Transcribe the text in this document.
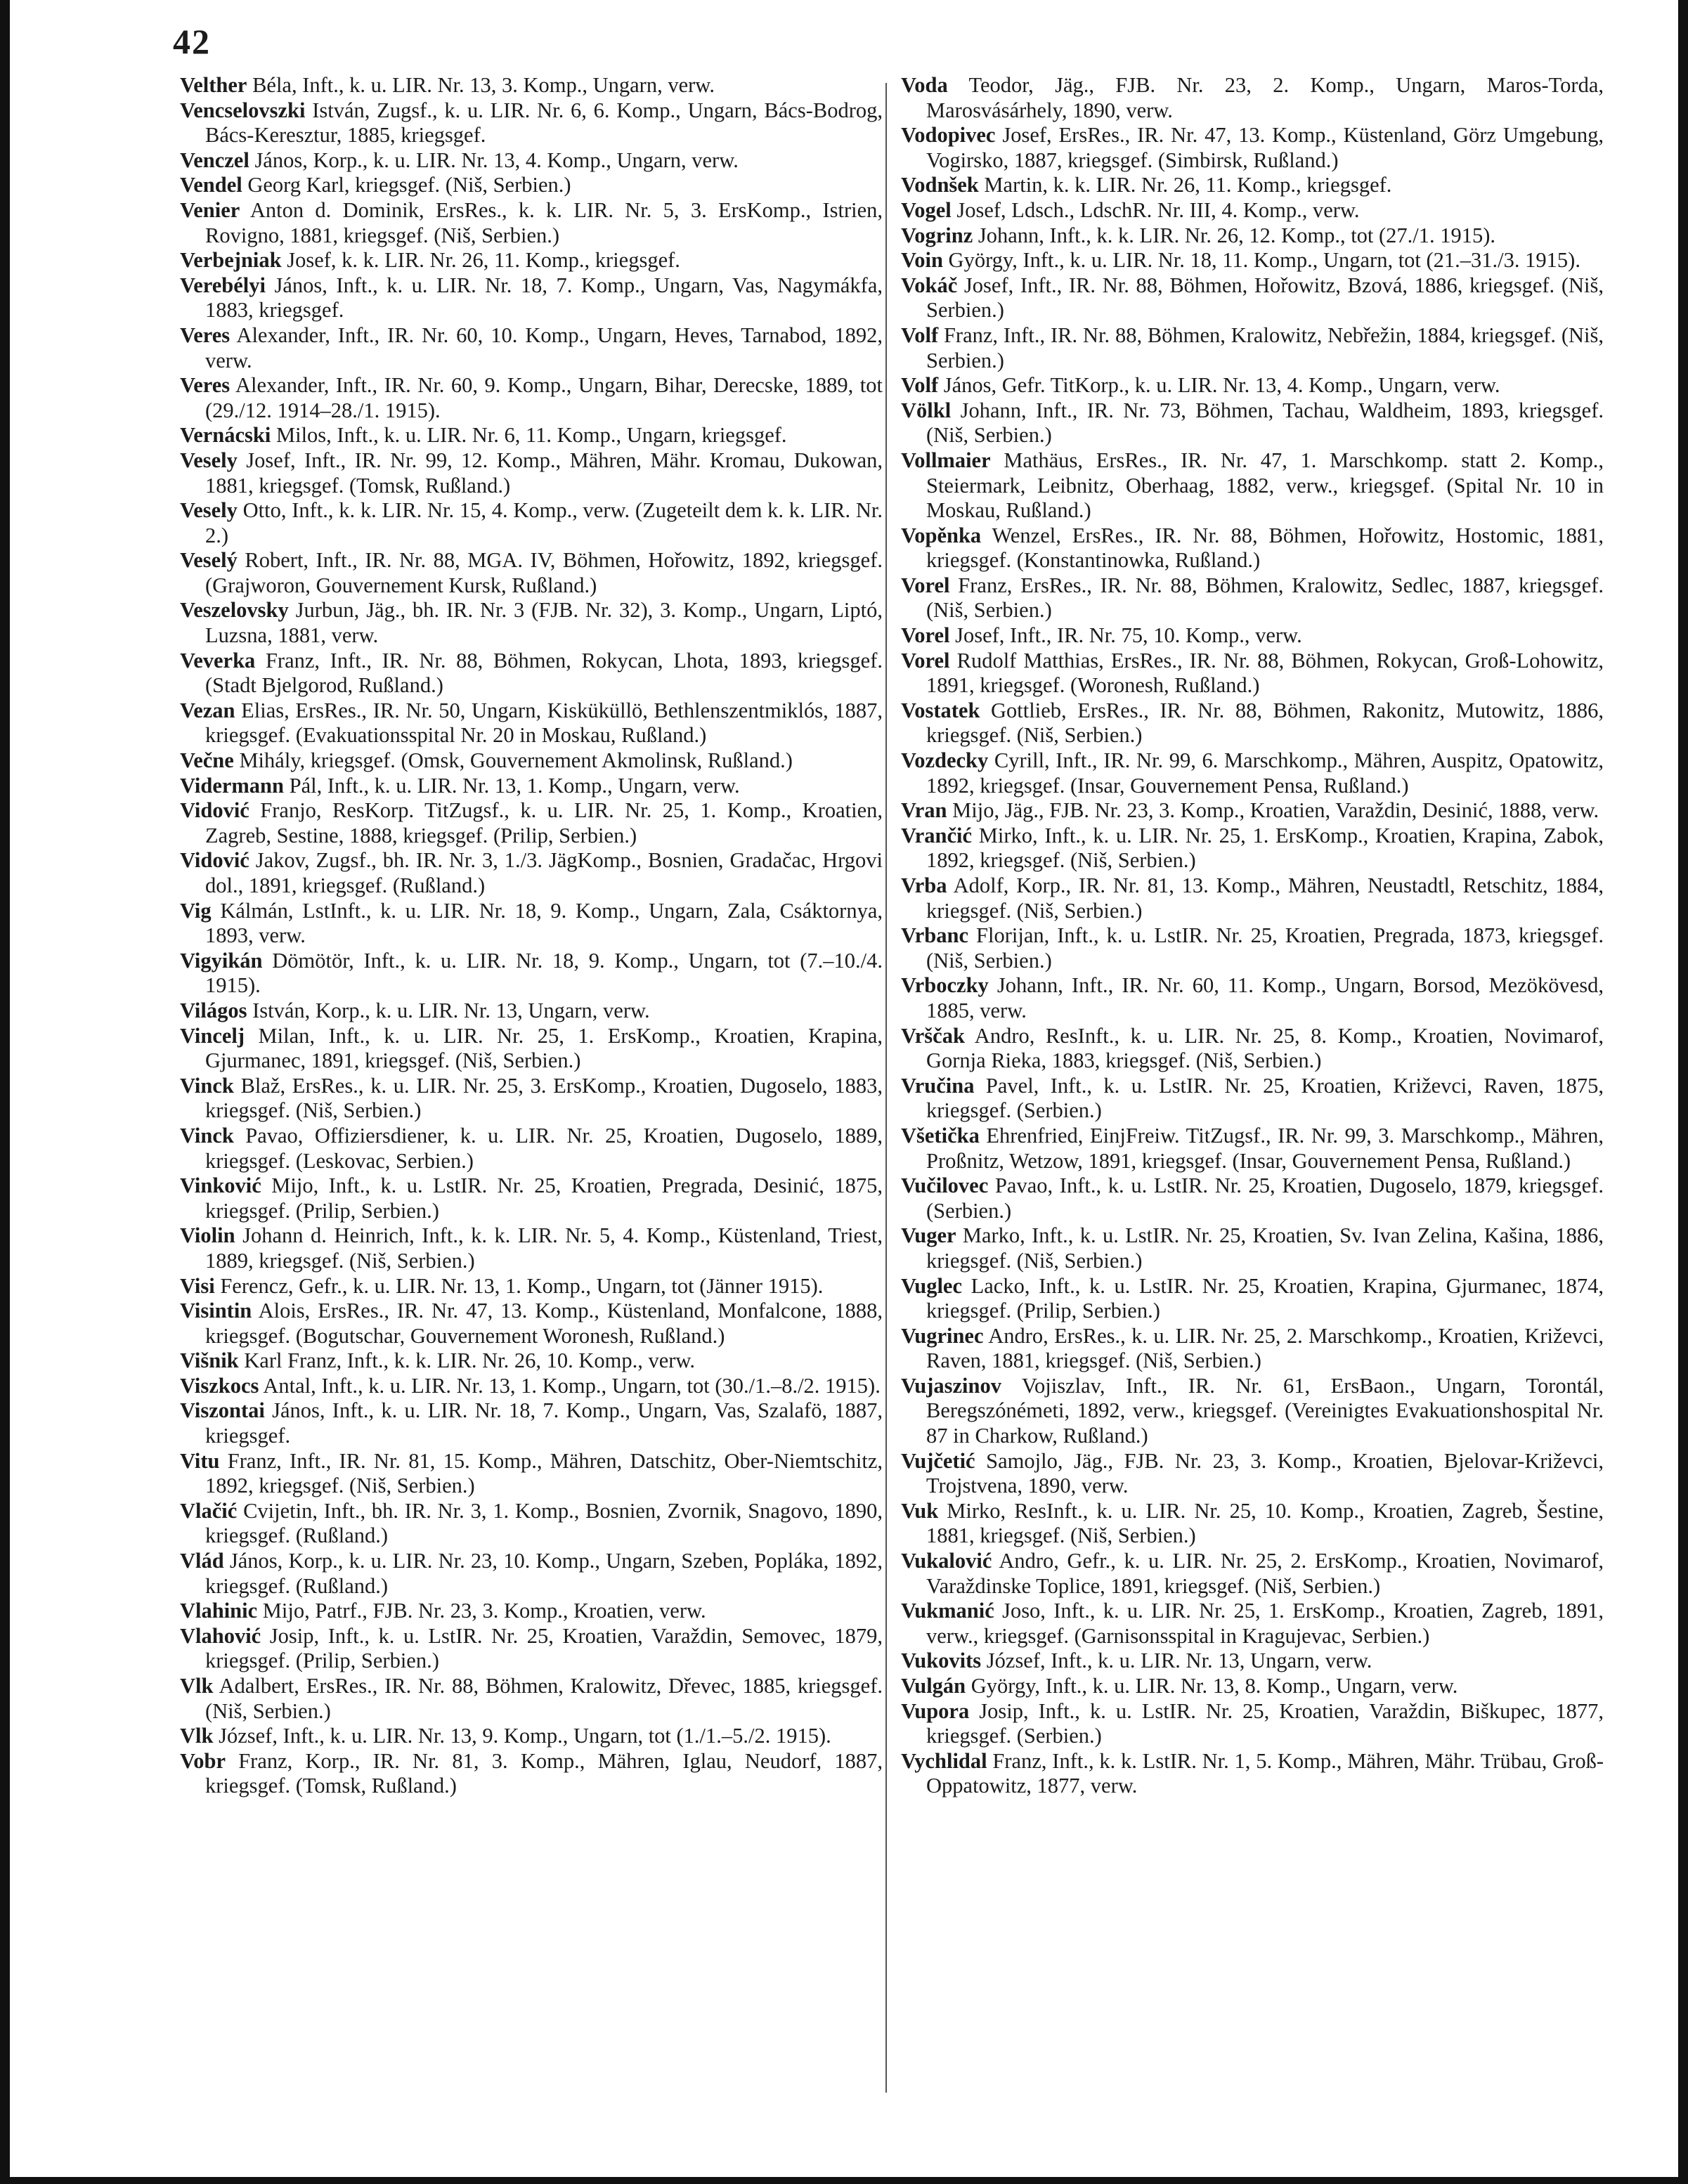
42
Velther Béla, Inft., k. u. LIR. Nr. 13, 3. Komp., Ungarn, verw.
Vencselovszki István, Zugsf., k. u. LIR. Nr. 6, 6. Komp., Ungarn, Bács-Bodrog, Bács-Keresztur, 1885, kriegsgef.
Venczel János, Korp., k. u. LIR. Nr. 13, 4. Komp., Ungarn, verw.
Vendel Georg Karl, kriegsgef. (Niš, Serbien.)
Venier Anton d. Dominik, ErsRes., k. k. LIR. Nr. 5, 3. ErsKomp., Istrien, Rovigno, 1881, kriegsgef. (Niš, Serbien.)
Verbejniak Josef, k. k. LIR. Nr. 26, 11. Komp., kriegsgef.
Verebélyi János, Inft., k. u. LIR. Nr. 18, 7. Komp., Ungarn, Vas, Nagymákfa, 1883, kriegsgef.
Veres Alexander, Inft., IR. Nr. 60, 10. Komp., Ungarn, Heves, Tarnabod, 1892, verw.
Veres Alexander, Inft., IR. Nr. 60, 9. Komp., Ungarn, Bihar, Derecske, 1889, tot (29./12. 1914–28./1. 1915).
Vernácski Milos, Inft., k. u. LIR. Nr. 6, 11. Komp., Ungarn, kriegsgef.
Vesely Josef, Inft., IR. Nr. 99, 12. Komp., Mähren, Mähr. Kromau, Dukowan, 1881, kriegsgef. (Tomsk, Rußland.)
Vesely Otto, Inft., k. k. LIR. Nr. 15, 4. Komp., verw. (Zugeteilt dem k. k. LIR. Nr. 2.)
Veselý Robert, Inft., IR. Nr. 88, MGA. IV, Böhmen, Hořowitz, 1892, kriegsgef. (Grajworon, Gouvernement Kursk, Rußland.)
Veszelovsky Jurbun, Jäg., bh. IR. Nr. 3 (FJB. Nr. 32), 3. Komp., Ungarn, Liptó, Luzsna, 1881, verw.
Veverka Franz, Inft., IR. Nr. 88, Böhmen, Rokycan, Lhota, 1893, kriegsgef. (Stadt Bjelgorod, Rußland.)
Vezan Elias, ErsRes., IR. Nr. 50, Ungarn, Kisküküllö, Bethlenszentmiklós, 1887, kriegsgef. (Evakuationsspital Nr. 20 in Moskau, Rußland.)
Večne Mihály, kriegsgef. (Omsk, Gouvernement Akmolinsk, Rußland.)
Vidermann Pál, Inft., k. u. LIR. Nr. 13, 1. Komp., Ungarn, verw.
Vidović Franjo, ResKorp. TitZugsf., k. u. LIR. Nr. 25, 1. Komp., Kroatien, Zagreb, Sestine, 1888, kriegsgef. (Prilip, Serbien.)
Vidović Jakov, Zugsf., bh. IR. Nr. 3, 1./3. JägKomp., Bosnien, Gradačac, Hrgovi dol., 1891, kriegsgef. (Rußland.)
Vig Kálmán, LstInft., k. u. LIR. Nr. 18, 9. Komp., Ungarn, Zala, Csáktornya, 1893, verw.
Vigyikán Dömötör, Inft., k. u. LIR. Nr. 18, 9. Komp., Ungarn, tot (7.–10./4. 1915).
Világos István, Korp., k. u. LIR. Nr. 13, Ungarn, verw.
Vincelj Milan, Inft., k. u. LIR. Nr. 25, 1. ErsKomp., Kroatien, Krapina, Gjurmanec, 1891, kriegsgef. (Niš, Serbien.)
Vinck Blaž, ErsRes., k. u. LIR. Nr. 25, 3. ErsKomp., Kroatien, Dugoselo, 1883, kriegsgef. (Niš, Serbien.)
Vinck Pavao, Offiziersdiener, k. u. LIR. Nr. 25, Kroatien, Dugoselo, 1889, kriegsgef. (Leskovac, Serbien.)
Vinković Mijo, Inft., k. u. LstIR. Nr. 25, Kroatien, Pregrada, Desinić, 1875, kriegsgef. (Prilip, Serbien.)
Violin Johann d. Heinrich, Inft., k. k. LIR. Nr. 5, 4. Komp., Küstenland, Triest, 1889, kriegsgef. (Niš, Serbien.)
Visi Ferencz, Gefr., k. u. LIR. Nr. 13, 1. Komp., Ungarn, tot (Jänner 1915).
Visintin Alois, ErsRes., IR. Nr. 47, 13. Komp., Küstenland, Monfalcone, 1888, kriegsgef. (Bogutschar, Gouvernement Woronesh, Rußland.)
Višnik Karl Franz, Inft., k. k. LIR. Nr. 26, 10. Komp., verw.
Viszkocs Antal, Inft., k. u. LIR. Nr. 13, 1. Komp., Ungarn, tot (30./1.–8./2. 1915).
Viszontai János, Inft., k. u. LIR. Nr. 18, 7. Komp., Ungarn, Vas, Szalafö, 1887, kriegsgef.
Vitu Franz, Inft., IR. Nr. 81, 15. Komp., Mähren, Datschitz, Ober-Niemtschitz, 1892, kriegsgef. (Niš, Serbien.)
Vlačić Cvijetin, Inft., bh. IR. Nr. 3, 1. Komp., Bosnien, Zvornik, Snagovo, 1890, kriegsgef. (Rußland.)
Vlád János, Korp., k. u. LIR. Nr. 23, 10. Komp., Ungarn, Szeben, Popláka, 1892, kriegsgef. (Rußland.)
Vlahinic Mijo, Patrf., FJB. Nr. 23, 3. Komp., Kroatien, verw.
Vlahović Josip, Inft., k. u. LstIR. Nr. 25, Kroatien, Varaždin, Semovec, 1879, kriegsgef. (Prilip, Serbien.)
Vlk Adalbert, ErsRes., IR. Nr. 88, Böhmen, Kralowitz, Dřevec, 1885, kriegsgef. (Niš, Serbien.)
Vlk József, Inft., k. u. LIR. Nr. 13, 9. Komp., Ungarn, tot (1./1.–5./2. 1915).
Vobr Franz, Korp., IR. Nr. 81, 3. Komp., Mähren, Iglau, Neudorf, 1887, kriegsgef. (Tomsk, Rußland.)
Voda Teodor, Jäg., FJB. Nr. 23, 2. Komp., Ungarn, Maros-Torda, Marosvásárhely, 1890, verw.
Vodopivec Josef, ErsRes., IR. Nr. 47, 13. Komp., Küstenland, Görz Umgebung, Vogirsko, 1887, kriegsgef. (Simbirsk, Rußland.)
Vodnšek Martin, k. k. LIR. Nr. 26, 11. Komp., kriegsgef.
Vogel Josef, Ldsch., LdschR. Nr. III, 4. Komp., verw.
Vogrinz Johann, Inft., k. k. LIR. Nr. 26, 12. Komp., tot (27./1. 1915).
Voin György, Inft., k. u. LIR. Nr. 18, 11. Komp., Ungarn, tot (21.–31./3. 1915).
Vokáč Josef, Inft., IR. Nr. 88, Böhmen, Hořowitz, Bzová, 1886, kriegsgef. (Niš, Serbien.)
Volf Franz, Inft., IR. Nr. 88, Böhmen, Kralowitz, Nebřežin, 1884, kriegsgef. (Niš, Serbien.)
Volf János, Gefr. TitKorp., k. u. LIR. Nr. 13, 4. Komp., Ungarn, verw.
Völkl Johann, Inft., IR. Nr. 73, Böhmen, Tachau, Waldheim, 1893, kriegsgef. (Niš, Serbien.)
Vollmaier Mathäus, ErsRes., IR. Nr. 47, 1. Marschkomp. statt 2. Komp., Steiermark, Leibnitz, Oberhaag, 1882, verw., kriegsgef. (Spital Nr. 10 in Moskau, Rußland.)
Vopěnka Wenzel, ErsRes., IR. Nr. 88, Böhmen, Hořowitz, Hostomic, 1881, kriegsgef. (Konstantinowka, Rußland.)
Vorel Franz, ErsRes., IR. Nr. 88, Böhmen, Kralowitz, Sedlec, 1887, kriegsgef. (Niš, Serbien.)
Vorel Josef, Inft., IR. Nr. 75, 10. Komp., verw.
Vorel Rudolf Matthias, ErsRes., IR. Nr. 88, Böhmen, Rokycan, Groß-Lohowitz, 1891, kriegsgef. (Woronesh, Rußland.)
Vostatek Gottlieb, ErsRes., IR. Nr. 88, Böhmen, Rakonitz, Mutowitz, 1886, kriegsgef. (Niš, Serbien.)
Vozdecky Cyrill, Inft., IR. Nr. 99, 6. Marschkomp., Mähren, Auspitz, Opatowitz, 1892, kriegsgef. (Insar, Gouvernement Pensa, Rußland.)
Vran Mijo, Jäg., FJB. Nr. 23, 3. Komp., Kroatien, Varaždin, Desinić, 1888, verw.
Vrančić Mirko, Inft., k. u. LIR. Nr. 25, 1. ErsKomp., Kroatien, Krapina, Zabok, 1892, kriegsgef. (Niš, Serbien.)
Vrba Adolf, Korp., IR. Nr. 81, 13. Komp., Mähren, Neustadtl, Retschitz, 1884, kriegsgef. (Niš, Serbien.)
Vrbanc Florijan, Inft., k. u. LstIR. Nr. 25, Kroatien, Pregrada, 1873, kriegsgef. (Niš, Serbien.)
Vrboczky Johann, Inft., IR. Nr. 60, 11. Komp., Ungarn, Borsod, Mezökövesd, 1885, verw.
Vrščak Andro, ResInft., k. u. LIR. Nr. 25, 8. Komp., Kroatien, Novimarof, Gornja Rieka, 1883, kriegsgef. (Niš, Serbien.)
Vručina Pavel, Inft., k. u. LstIR. Nr. 25, Kroatien, Križevci, Raven, 1875, kriegsgef. (Serbien.)
Všetička Ehrenfried, EinjFreiw. TitZugsf., IR. Nr. 99, 3. Marschkomp., Mähren, Proßnitz, Wetzow, 1891, kriegsgef. (Insar, Gouvernement Pensa, Rußland.)
Vučilovec Pavao, Inft., k. u. LstIR. Nr. 25, Kroatien, Dugoselo, 1879, kriegsgef. (Serbien.)
Vuger Marko, Inft., k. u. LstIR. Nr. 25, Kroatien, Sv. Ivan Zelina, Kašina, 1886, kriegsgef. (Niš, Serbien.)
Vuglec Lacko, Inft., k. u. LstIR. Nr. 25, Kroatien, Krapina, Gjurmanec, 1874, kriegsgef. (Prilip, Serbien.)
Vugrinec Andro, ErsRes., k. u. LIR. Nr. 25, 2. Marschkomp., Kroatien, Križevci, Raven, 1881, kriegsgef. (Niš, Serbien.)
Vujaszinov Vojiszlav, Inft., IR. Nr. 61, ErsBaon., Ungarn, Torontál, Beregszónémeti, 1892, verw., kriegsgef. (Vereinigtes Evakuationshospital Nr. 87 in Charkow, Rußland.)
Vujčetić Samojlo, Jäg., FJB. Nr. 23, 3. Komp., Kroatien, Bjelovar-Križevci, Trojstvena, 1890, verw.
Vuk Mirko, ResInft., k. u. LIR. Nr. 25, 10. Komp., Kroatien, Zagreb, Šestine, 1881, kriegsgef. (Niš, Serbien.)
Vukalović Andro, Gefr., k. u. LIR. Nr. 25, 2. ErsKomp., Kroatien, Novimarof, Varaždinske Toplice, 1891, kriegsgef. (Niš, Serbien.)
Vukmanić Joso, Inft., k. u. LIR. Nr. 25, 1. ErsKomp., Kroatien, Zagreb, 1891, verw., kriegsgef. (Garnisonsspital in Kragujevac, Serbien.)
Vukovits József, Inft., k. u. LIR. Nr. 13, Ungarn, verw.
Vulgán György, Inft., k. u. LIR. Nr. 13, 8. Komp., Ungarn, verw.
Vupora Josip, Inft., k. u. LstIR. Nr. 25, Kroatien, Varaždin, Biškupec, 1877, kriegsgef. (Serbien.)
Vychlidal Franz, Inft., k. k. LstIR. Nr. 1, 5. Komp., Mähren, Mähr. Trübau, Groß-Oppatowitz, 1877, verw.
